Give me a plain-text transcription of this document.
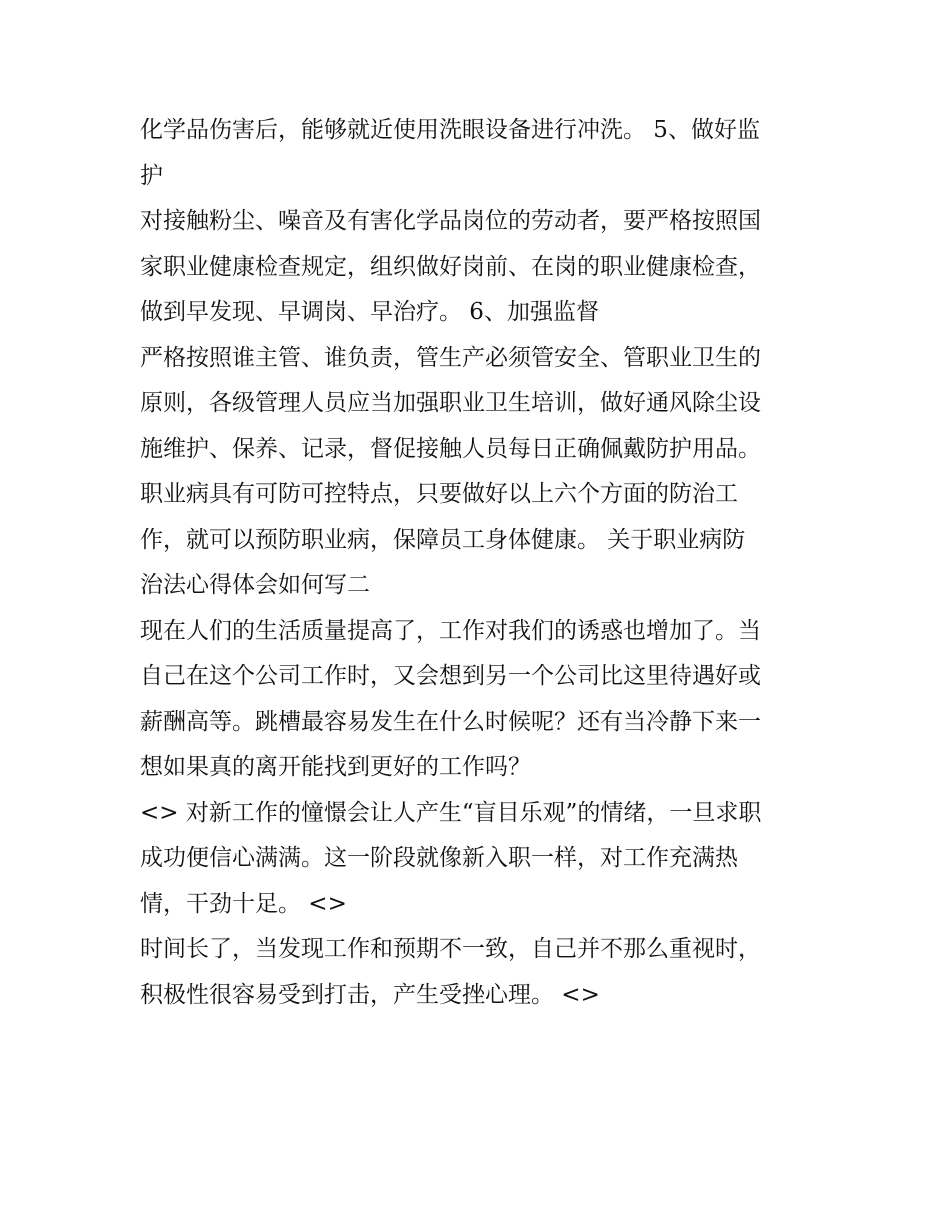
化学品伤害后，能够就近使用洗眼设备进行冲洗。 5、做好监
护
对接触粉尘、噪音及有害化学品岗位的劳动者，要严格按照国
家职业健康检查规定，组织做好岗前、在岗的职业健康检查，
做到早发现、早调岗、早治疗。 6、加强监督
严格按照谁主管、谁负责，管生产必须管安全、管职业卫生的
原则，各级管理人员应当加强职业卫生培训，做好通风除尘设
施维护、保养、记录，督促接触人员每日正确佩戴防护用品。
职业病具有可防可控特点，只要做好以上六个方面的防治工
作，就可以预防职业病，保障员工身体健康。 关于职业病防
治法心得体会如何写二
现在人们的生活质量提高了，工作对我们的诱惑也增加了。当
自己在这个公司工作时，又会想到另一个公司比这里待遇好或
薪酬高等。跳槽最容易发生在什么时候呢？还有当冷静下来一
想如果真的离开能找到更好的工作吗？
<> 对新工作的憧憬会让人产生“盲目乐观”的情绪，一旦求职
成功便信心满满。这一阶段就像新入职一样，对工作充满热
情，干劲十足。 <>
时间长了，当发现工作和预期不一致，自己并不那么重视时，
积极性很容易受到打击，产生受挫心理。 <>
